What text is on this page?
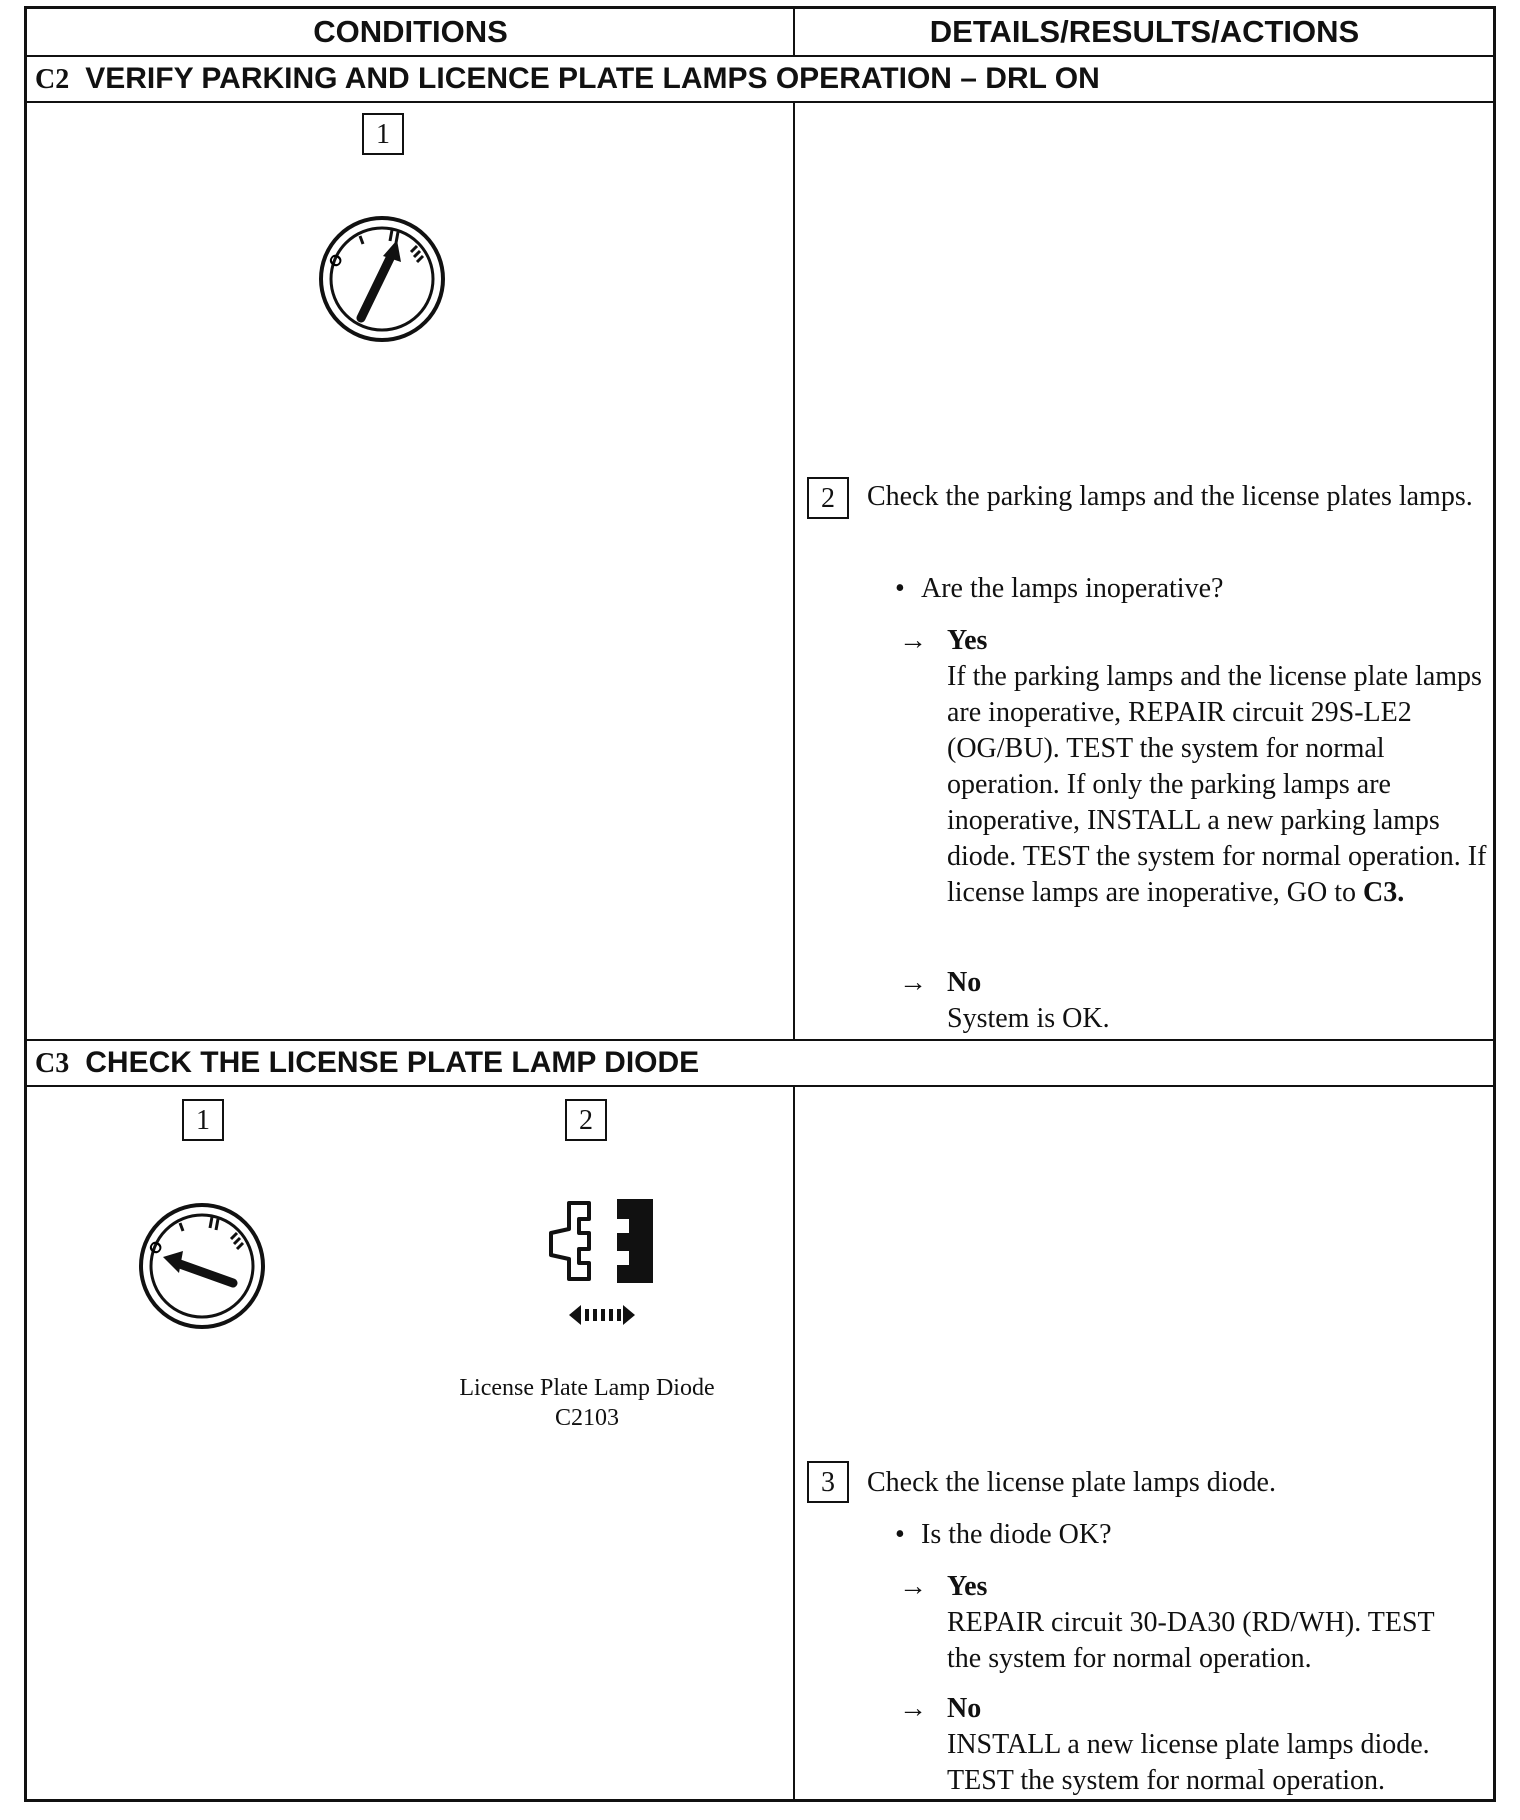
CONDITIONS	DETAILS/RESULTS/ACTIONS
C2 VERIFY PARKING AND LICENCE PLATE LAMPS OPERATION – DRL ON
1
O
2	Check the parking lamps and the license plates lamps.
• Are the lamps inoperative?
→ Yes
If the parking lamps and the license plate lamps are inoperative, REPAIR circuit 29S-LE2 (OG/BU). TEST the system for normal operation. If only the parking lamps are inoperative, INSTALL a new parking lamps diode. TEST the system for normal operation. If license lamps are inoperative, GO to C3.
→ No
System is OK.
C3 CHECK THE LICENSE PLATE LAMP DIODE
1	2
O
License Plate Lamp Diode
C2103
3	Check the license plate lamps diode.
• Is the diode OK?
→ Yes
REPAIR circuit 30-DA30 (RD/WH). TEST the system for normal operation.
→ No
INSTALL a new license plate lamps diode. TEST the system for normal operation.
